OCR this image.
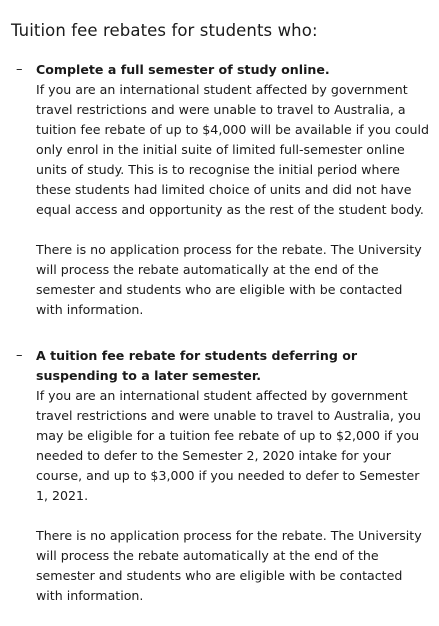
Tuition fee rebates for students who:
– Complete a full semester of study online.

If you are an international student affected by government travel restrictions and were unable to travel to Australia, a tuition fee rebate of up to $4,000 will be available if you could only enrol in the initial suite of limited full-semester online units of study. This is to recognise the initial period where these students had limited choice of units and did not have equal access and opportunity as the rest of the student body.

There is no application process for the rebate. The University will process the rebate automatically at the end of the semester and students who are eligible with be contacted with information.

– A tuition fee rebate for students deferring or suspending to a later semester.

If you are an international student affected by government travel restrictions and were unable to travel to Australia, you may be eligible for a tuition fee rebate of up to $2,000 if you needed to defer to the Semester 2, 2020 intake for your course, and up to $3,000 if you needed to defer to Semester 1, 2021.

There is no application process for the rebate. The University will process the rebate automatically at the end of the semester and students who are eligible with be contacted with information.
